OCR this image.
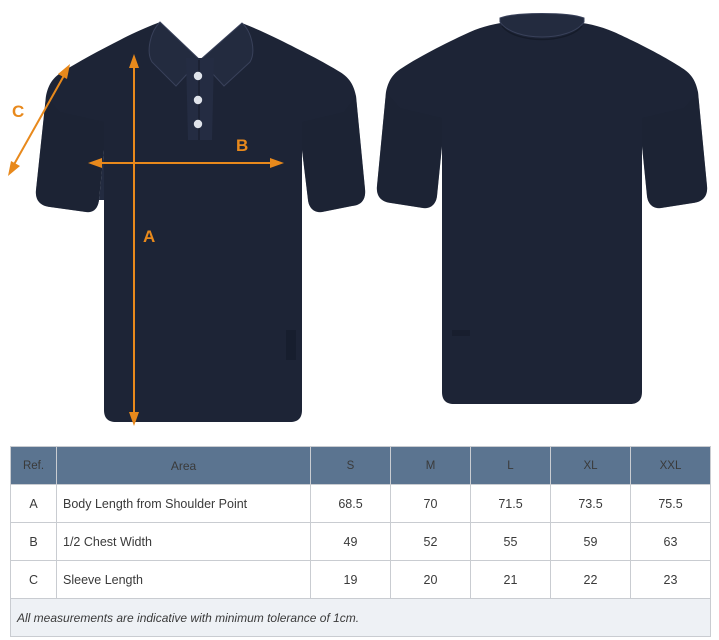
A
B
C
Ref.	Area	S	M	L	XL	XXL
A	Body Length from Shoulder Point	68.5	70	71.5	73.5	75.5
B	1/2 Chest Width	49	52	55	59	63
C	Sleeve Length	19	20	21	22	23
All measurements are indicative with minimum tolerance of 1cm.						
